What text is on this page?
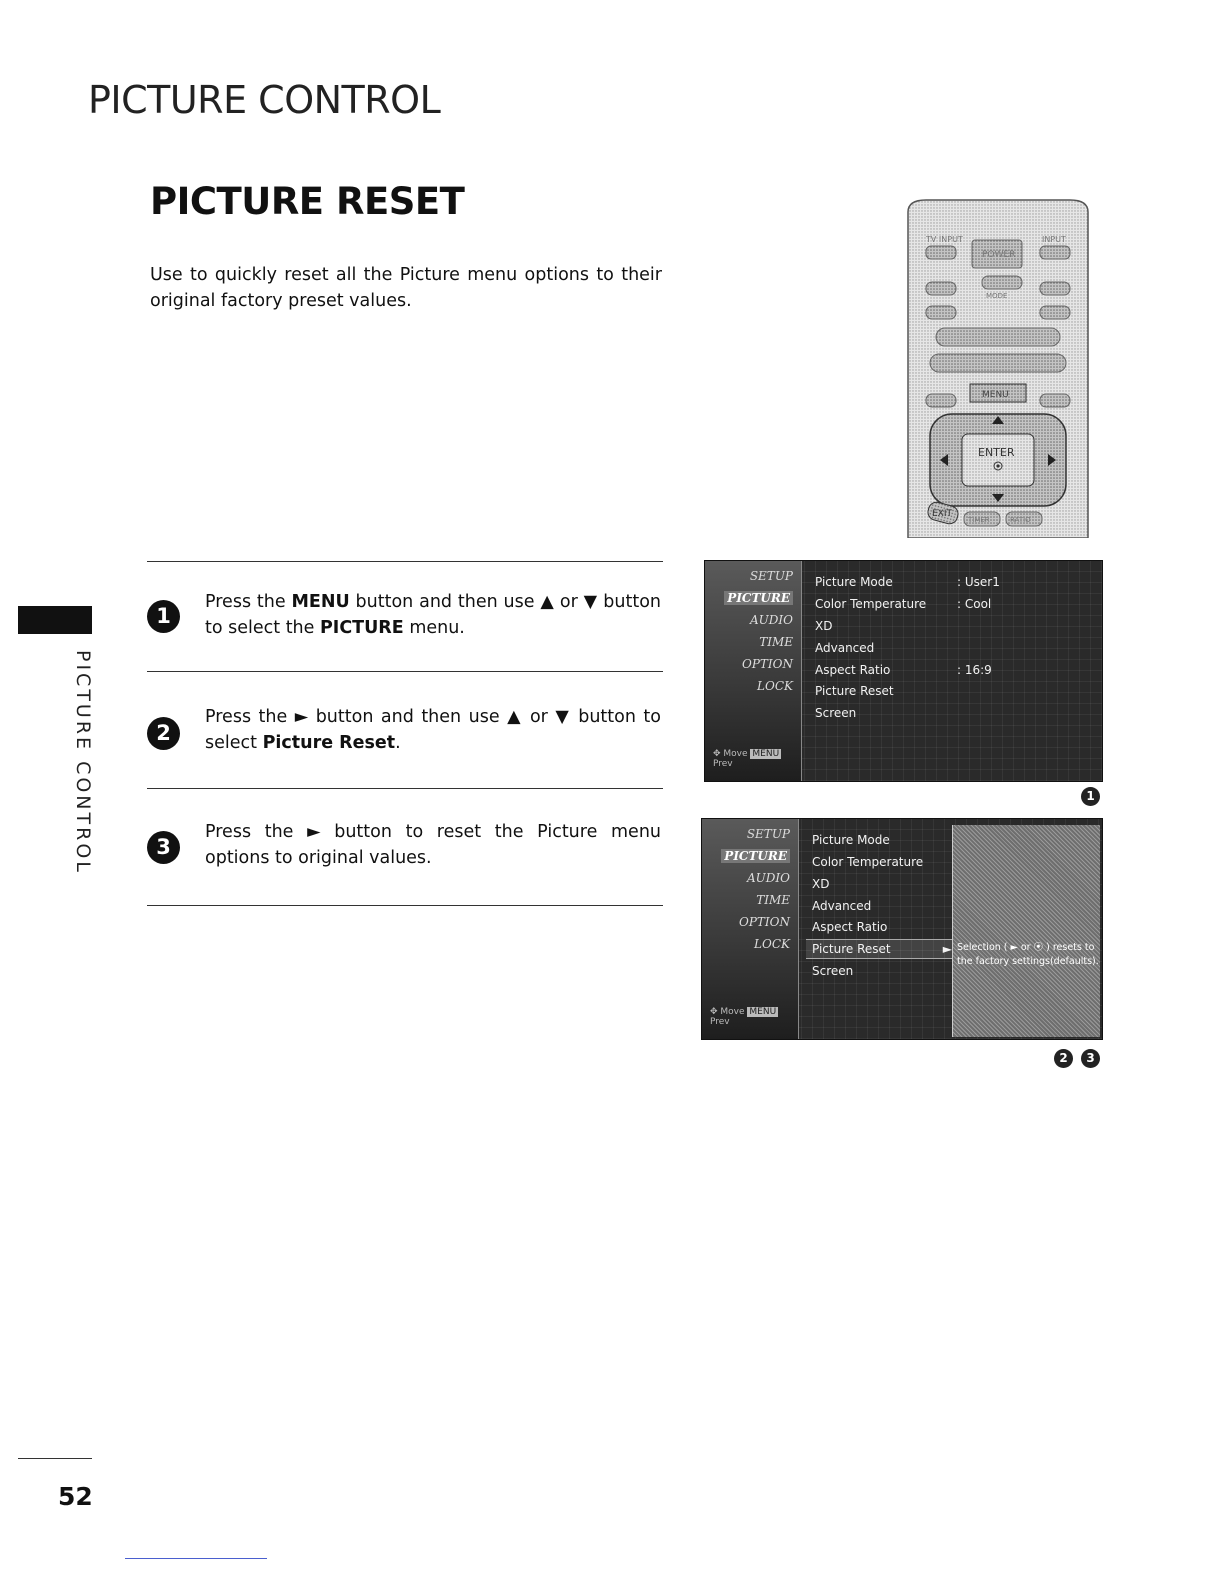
PICTURE CONTROL
PICTURE RESET
Use to quickly reset all the Picture menu options to their original factory preset values.
PICTURE CONTROL
1
Press the MENU button and then use ▲ or ▼ button to select the PICTURE menu.
2
Press the ► button and then use ▲ or ▼ button to select Picture Reset.
3
Press the ► button to reset the Picture menu options to original values.
TV INPUT	INPUT
POWER
MODE
MENU
ENTER
EXIT
TIMER	RATIO
SETUP
PICTURE
AUDIO
TIME
OPTION
LOCK
✥ Move MENU Prev
Picture Mode	: User1
Color Temperature	: Cool
XD
Advanced
Aspect Ratio	: 16:9
Picture Reset
Screen
1
SETUP
PICTURE
AUDIO
TIME
OPTION
LOCK
✥ Move MENU Prev
Picture Mode
Color Temperature
XD
Advanced
Aspect Ratio
Picture Reset	►
Screen
Selection ( ► or ⦿ ) resets to the factory settings(defaults).
2	3
52
